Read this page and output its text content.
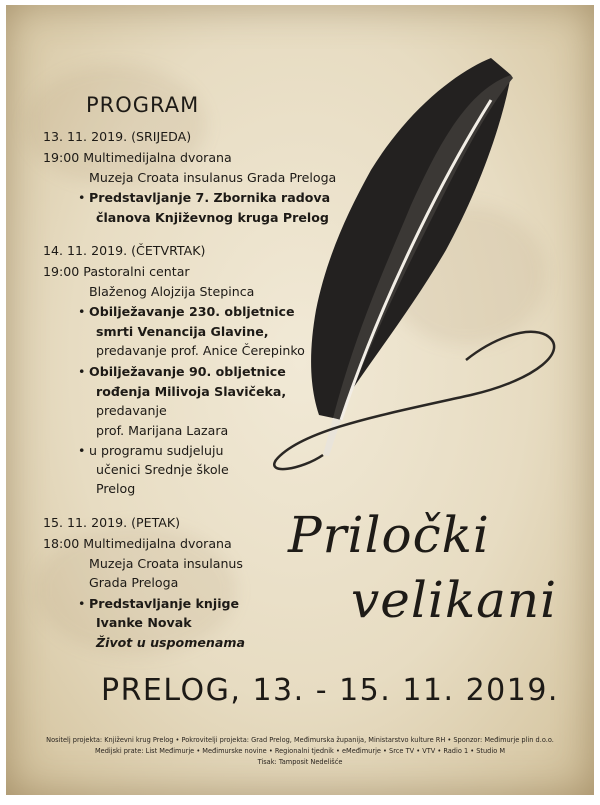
PROGRAM
13. 11. 2019. (SRIJEDA)
19:00 Multimedijalna dvorana
Muzeja Croata insulanus Grada Preloga
• Predstavljanje 7. Zbornika radova
članova Književnog kruga Prelog
14. 11. 2019. (ČETVRTAK)
19:00 Pastoralni centar
Blaženog Alojzija Stepinca
• Obilježavanje 230. obljetnice
smrti Venancija Glavine,
predavanje prof. Anice Čerepinko
• Obilježavanje 90. obljetnice
rođenja Milivoja Slavičeka,
predavanje
prof. Marijana Lazara
• u programu sudjeluju
učenici Srednje škole
Prelog
15. 11. 2019. (PETAK)
18:00 Multimedijalna dvorana
Muzeja Croata insulanus
Grada Preloga
• Predstavljanje knjige
Ivanke Novak
Život u uspomenama
Priločki
velikani
PRELOG, 13. - 15. 11. 2019.
Nositelj projekta: Književni krug Prelog • Pokrovitelji projekta: Grad Prelog, Međimurska županija, Ministarstvo kulture RH • Sponzor: Međimurje plin d.o.o.
Medijski prate: List Međimurje • Međimurske novine • Regionalni tjednik • eMeđimurje • Srce TV • VTV • Radio 1 • Studio M
Tisak: Tamposit Nedelišće
